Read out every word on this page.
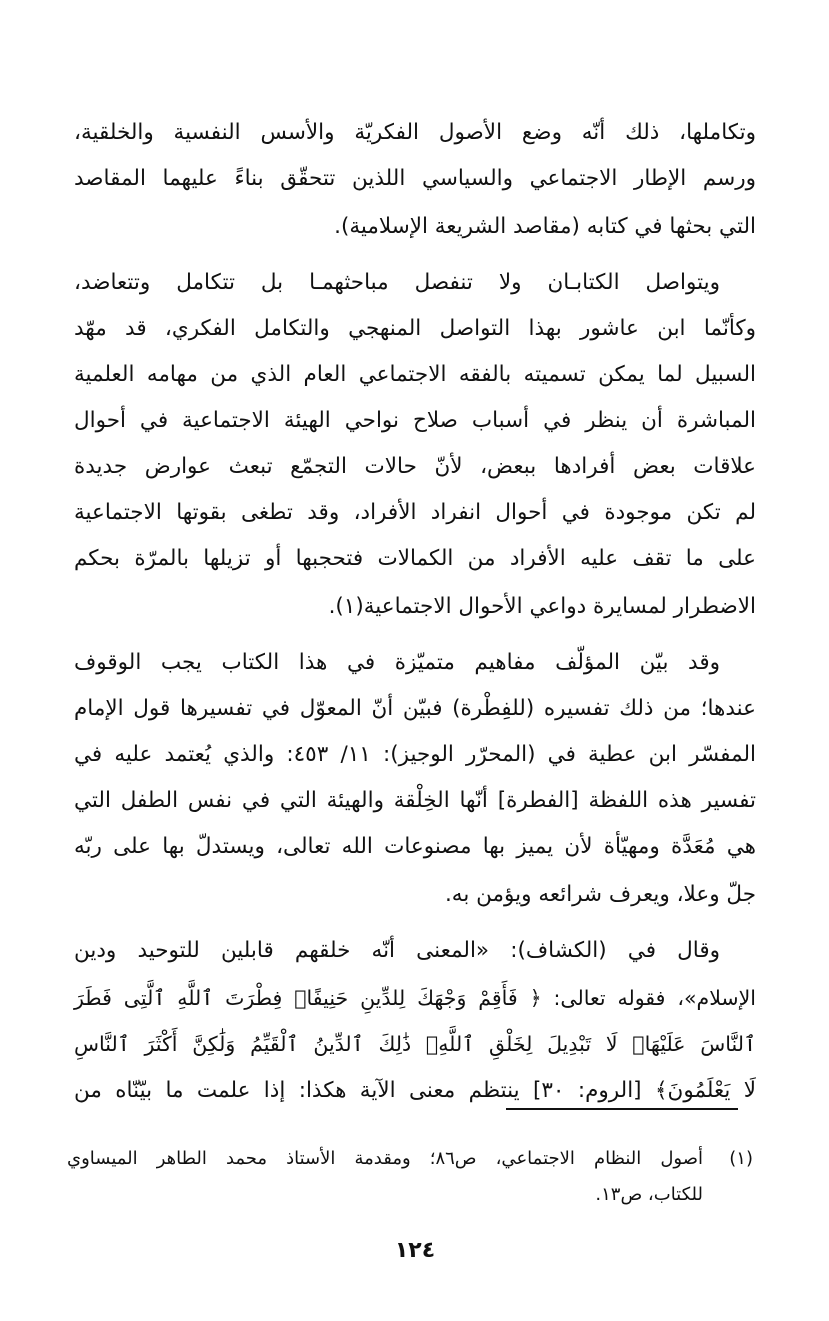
وتكاملها، ذلك أنّه وضع الأصول الفكريّة والأسس النفسية والخلقية،
ورسم الإطار الاجتماعي والسياسي اللذين تتحقّق بناءً عليهما المقاصد
التي بحثها في كتابه (مقاصد الشريعة الإسلامية).
ويتواصل الكتابـان ولا تنفصل مباحثهمـا بل تتكامل وتتعاضد،
وكأنّما ابن عاشور بهذا التواصل المنهجي والتكامل الفكري، قد مهّد
السبيل لما يمكن تسميته بالفقه الاجتماعي العام الذي من مهامه العلمية
المباشرة أن ينظر في أسباب صلاح نواحي الهيئة الاجتماعية في أحوال
علاقات بعض أفرادها ببعض، لأنّ حالات التجمّع تبعث عوارض جديدة
لم تكن موجودة في أحوال انفراد الأفراد، وقد تطغى بقوتها الاجتماعية
على ما تقف عليه الأفراد من الكمالات فتحجبها أو تزيلها بالمرّة بحكم
الاضطرار لمسايرة دواعي الأحوال الاجتماعية(١).
وقد بيّن المؤلّف مفاهيم متميّزة في هذا الكتاب يجب الوقوف
عندها؛ من ذلك تفسيره (للفِطْرة) فبيّن أنّ المعوّل في تفسيرها قول الإمام
المفسّر ابن عطية في (المحرّر الوجيز): ١١/ ٤٥٣: والذي يُعتمد عليه في
تفسير هذه اللفظة [الفطرة] أنّها الخِلْقة والهيئة التي في نفس الطفل التي
هي مُعَدَّة ومهيّأة لأن يميز بها مصنوعات الله تعالى، ويستدلّ بها على ربّه
جلّ وعلا، ويعرف شرائعه ويؤمن به.
وقال في (الكشاف): «المعنى أنّه خلقهم قابلين للتوحيد ودين
الإسلام»، فقوله تعالى: ﴿ فَأَقِمْ وَجْهَكَ لِلدِّينِ حَنِيفًاۚ فِطْرَتَ ٱللَّهِ ٱلَّتِى فَطَرَ
ٱلنَّاسَ عَلَيْهَاۚ لَا تَبْدِيلَ لِخَلْقِ ٱللَّهِۚ ذَٰلِكَ ٱلدِّينُ ٱلْقَيِّمُ وَلَٰكِنَّ أَكْثَرَ ٱلنَّاسِ
لَا يَعْلَمُونَ﴾ [الروم: ٣٠] ينتظم معنى الآية هكذا: إذا علمت ما بيّنّاه من
(١)
أصول النظام الاجتماعي، ص٨٦؛ ومقدمة الأستاذ محمد الطاهر الميساوي
للكتاب، ص١٣.
١٢٤
